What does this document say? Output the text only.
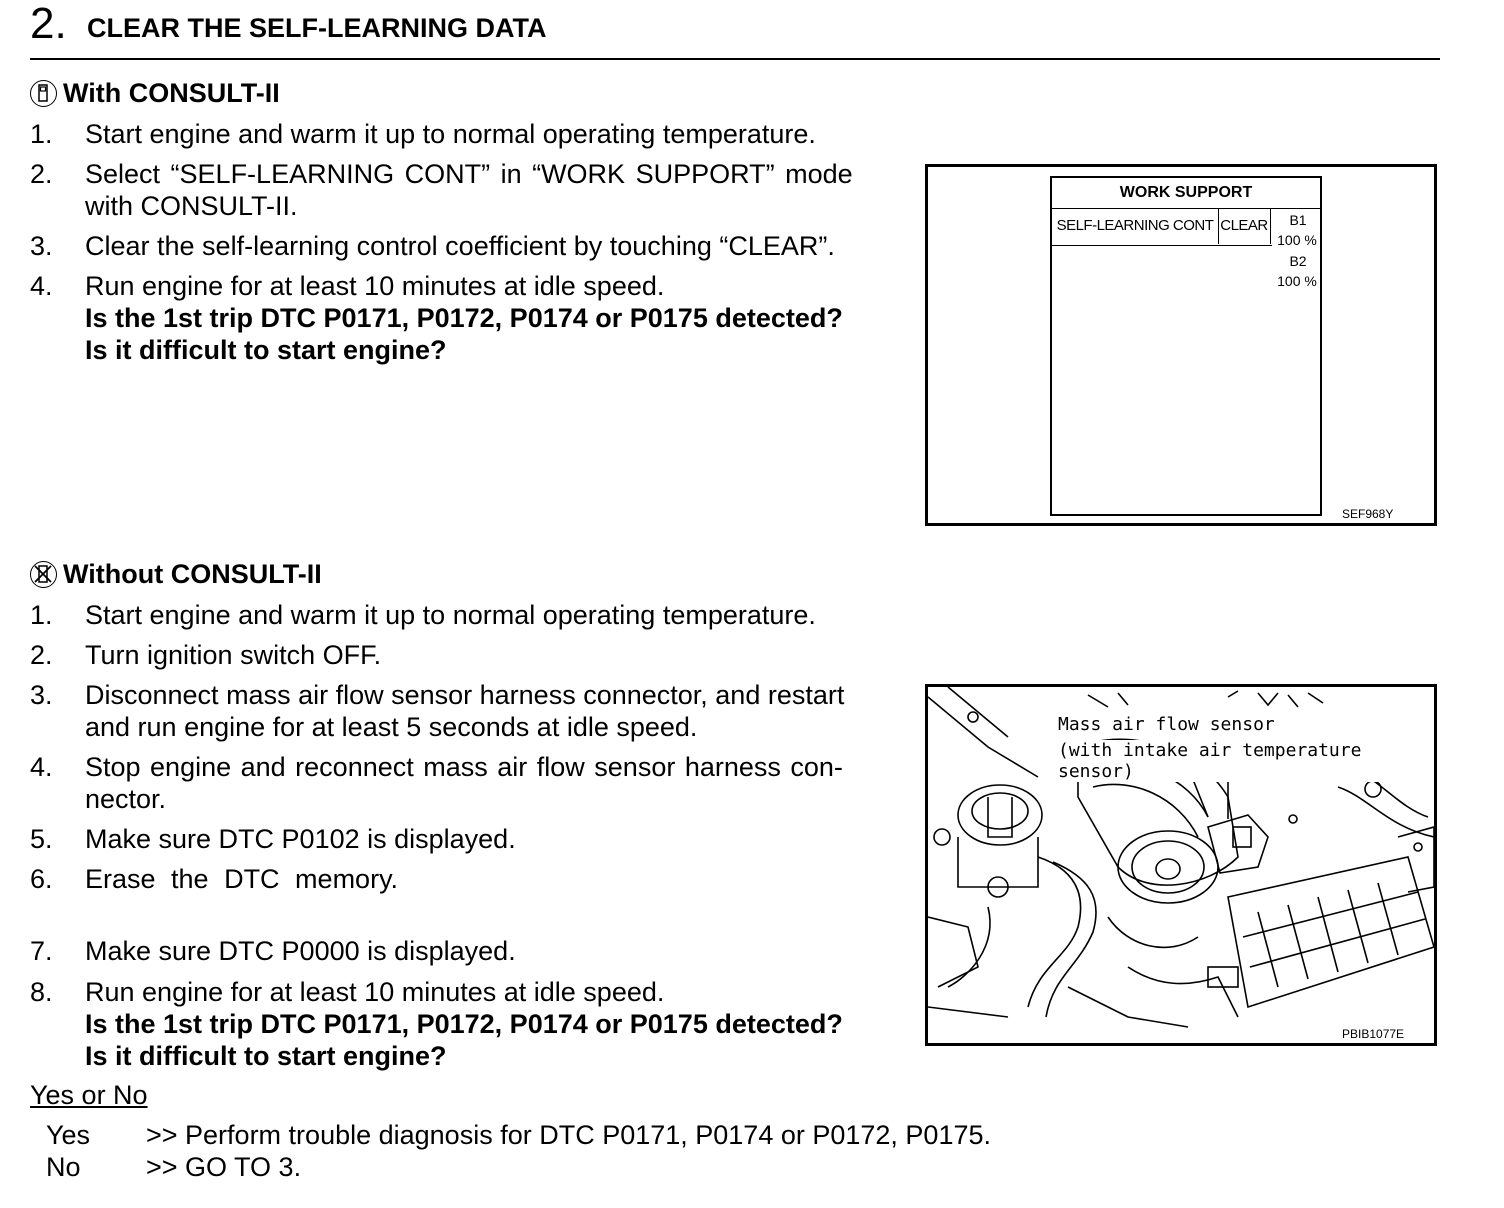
2. CLEAR THE SELF-LEARNING DATA
With CONSULT-II
1. Start engine and warm it up to normal operating temperature.
2. Select “SELF-LEARNING CONT” in “WORK SUPPORT” mode
with CONSULT-II.
3. Clear the self-learning control coefficient by touching “CLEAR”.
4. Run engine for at least 10 minutes at idle speed.
Is the 1st trip DTC P0171, P0172, P0174 or P0175 detected?
Is it difficult to start engine?
WORK SUPPORT
SELF-LEARNING CONT CLEAR	B1
100 %
B2
100 %
SEF968Y
Without CONSULT-II
1. Start engine and warm it up to normal operating temperature.
2. Turn ignition switch OFF.
3. Disconnect mass air flow sensor harness connector, and restart
and run engine for at least 5 seconds at idle speed.
4. Stop engine and reconnect mass air flow sensor harness con-
nector.
5. Make sure DTC P0102 is displayed.
6. Erase the DTC memory.
7. Make sure DTC P0000 is displayed.
8. Run engine for at least 10 minutes at idle speed.
Is the 1st trip DTC P0171, P0172, P0174 or P0175 detected?
Is it difficult to start engine?
Mass air flow sensor
(with intake air temperature sensor)
PBIB1077E
Yes or No
Yes >> Perform trouble diagnosis for DTC P0171, P0174 or P0172, P0175.
No >> GO TO 3.
